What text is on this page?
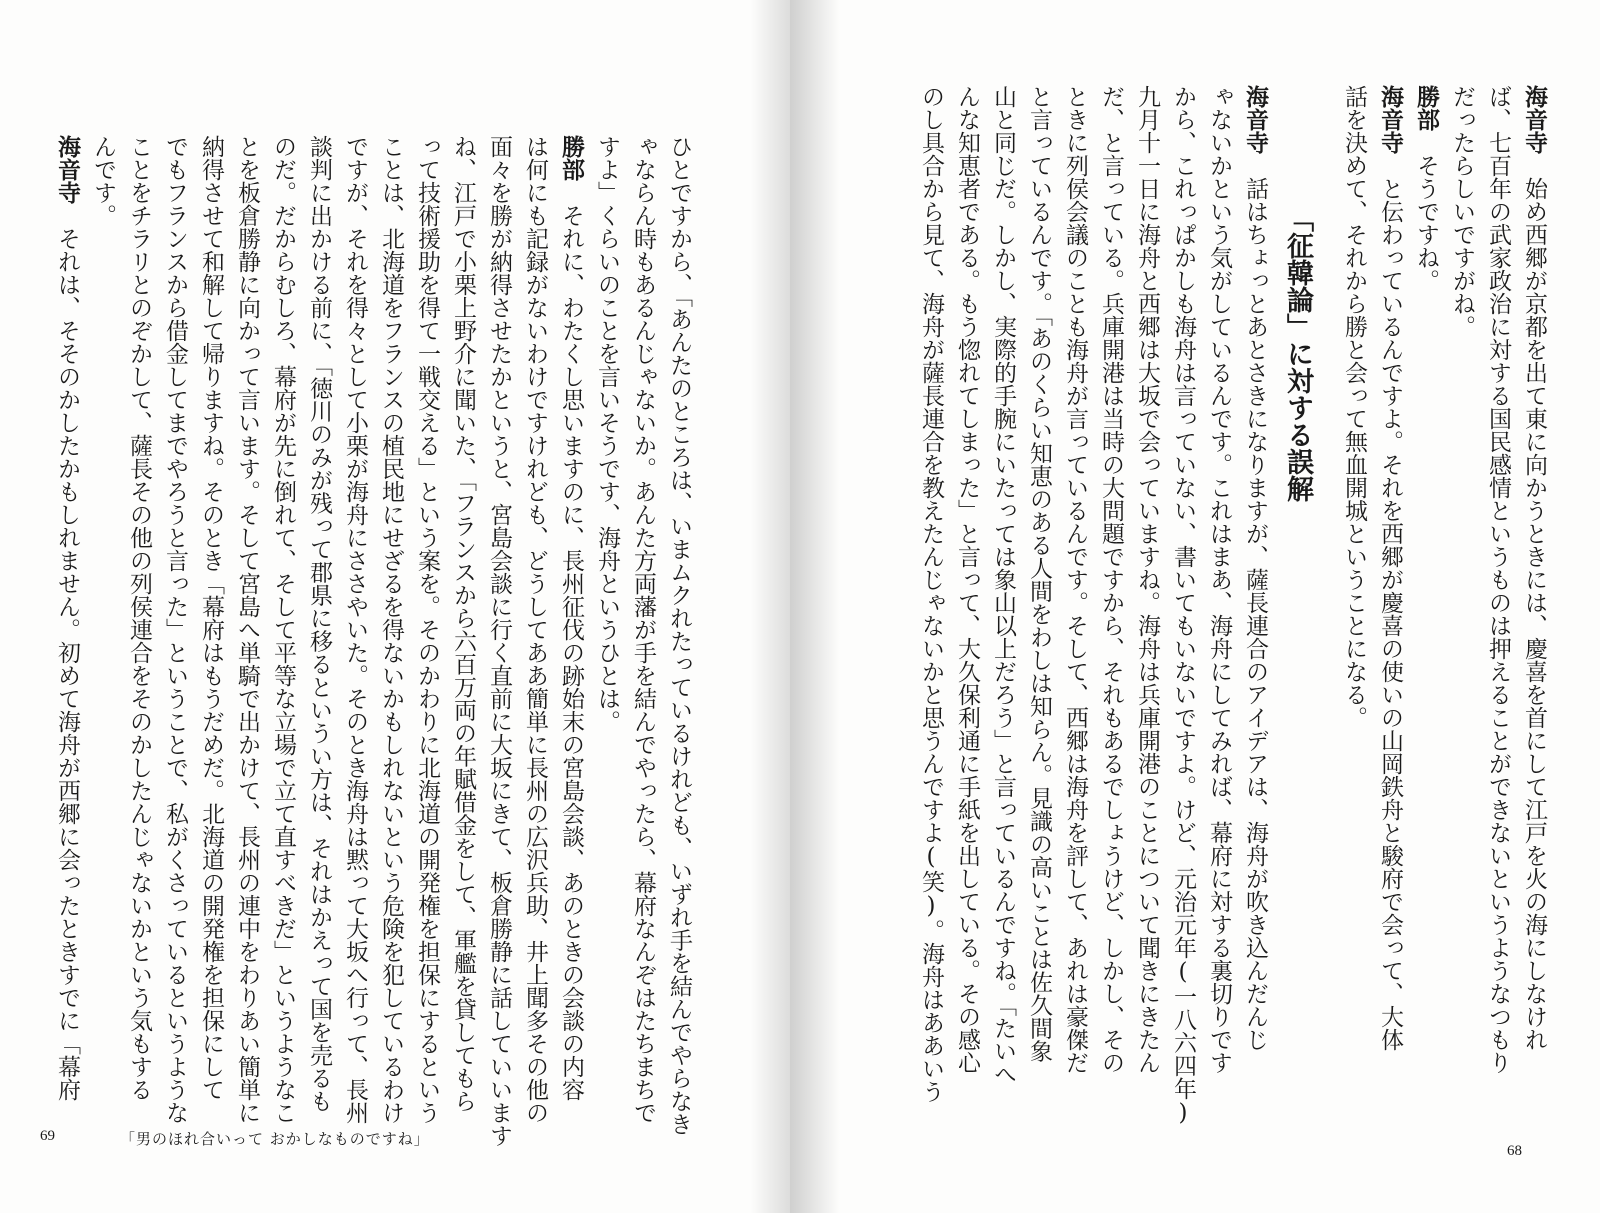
ひとですから、「あんたのところは、いまムクれたっているけれども、いずれ手を結んでやらなき
ゃならん時もあるんじゃないか。あんた方両藩が手を結んでやったら、幕府なんぞはたちまちで
すよ」くらいのことを言いそうです、海舟というひとは。
勝部　それに、わたくし思いますのに、長州征伐の跡始末の宮島会談、あのときの会談の内容
は何にも記録がないわけですけれども、どうしてああ簡単に長州の広沢兵助、井上聞多その他の
面々を勝が納得させたかというと、宮島会談に行く直前に大坂にきて、板倉勝静に話していいます
ね、江戸で小栗上野介に聞いた、「フランスから六百万両の年賦借金をして、軍艦を貸してもら
って技術援助を得て一戦交える」という案を。そのかわりに北海道の開発権を担保にするという
ことは、北海道をフランスの植民地にせざるを得ないかもしれないという危険を犯しているわけ
ですが、それを得々として小栗が海舟にささやいた。そのとき海舟は黙って大坂へ行って、長州
談判に出かける前に、「徳川のみが残って郡県に移るというい方は、それはかえって国を売るも
のだ。だからむしろ、幕府が先に倒れて、そして平等な立場で立て直すべきだ」というようなこ
とを板倉勝静に向かって言います。そして宮島へ単騎で出かけて、長州の連中をわりあい簡単に
納得させて和解して帰りますね。そのとき「幕府はもうだめだ。北海道の開発権を担保にして
でもフランスから借金してまでやろうと言った」ということで、私がくさっているというような
ことをチラリとのぞかして、薩長その他の列侯連合をそのかしたんじゃないかという気もする
んです。
海音寺　それは、そそのかしたかもしれません。初めて海舟が西郷に会ったときすでに「幕府
「男のほれ合いって おかしなものですね」
69
海音寺　始め西郷が京都を出て東に向かうときには、慶喜を首にして江戸を火の海にしなけれ
ば、七百年の武家政治に対する国民感情というものは押えることができないというようなつもり
だったらしいですがね。
勝部　そうですね。
海音寺　と伝わっているんですよ。それを西郷が慶喜の使いの山岡鉄舟と駿府で会って、大体
話を決めて、それから勝と会って無血開城ということになる。
「征韓論」に対する誤解
海音寺　話はちょっとあとさきになりますが、薩長連合のアイデアは、海舟が吹き込んだんじ
ゃないかという気がしているんです。これはまあ、海舟にしてみれば、幕府に対する裏切りです
から、これっぱかしも海舟は言っていない、書いてもいないですよ。けど、元治元年(一八六四年)
九月十一日に海舟と西郷は大坂で会っていますね。海舟は兵庫開港のことについて聞きにきたん
だ、と言っている。兵庫開港は当時の大問題ですから、それもあるでしょうけど、しかし、その
ときに列侯会議のことも海舟が言っているんです。そして、西郷は海舟を評して、あれは豪傑だ
と言っているんです。「あのくらい知恵のある人間をわしは知らん。見識の高いことは佐久間象
山と同じだ。しかし、実際的手腕にいたっては象山以上だろう」と言っているんですね。「たいへ
んな知恵者である。もう惚れてしまった」と言って、大久保利通に手紙を出している。その感心
のし具合から見て、海舟が薩長連合を教えたんじゃないかと思うんですよ(笑)。海舟はああいう
68
